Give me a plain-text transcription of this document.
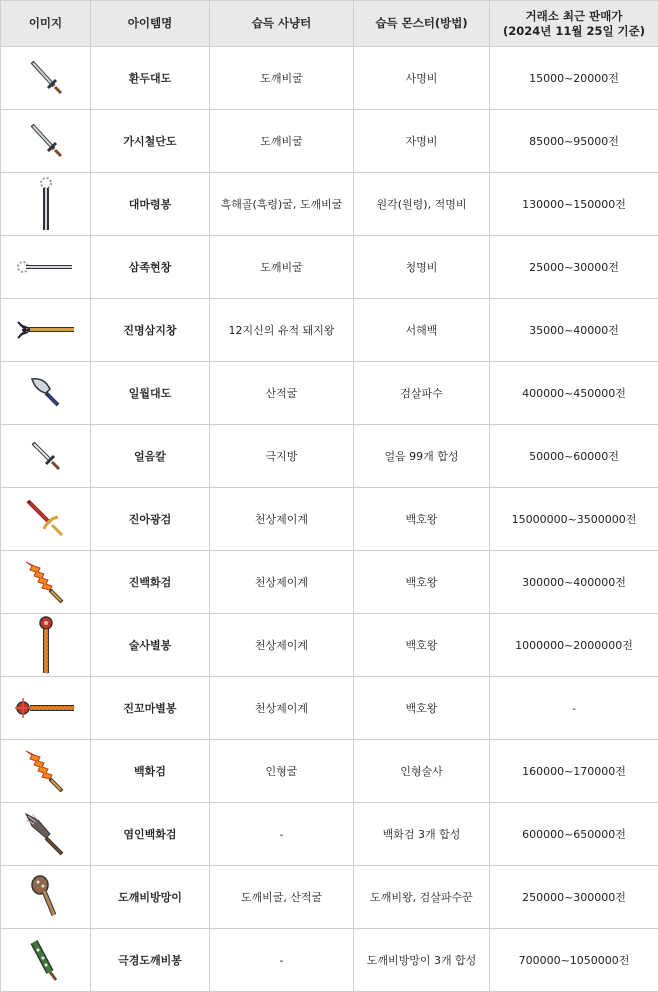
이미지	아이템명	습득 사냥터	습득 몬스터(방법)	거래소 최근 판매가
(2024년 11월 25일 기준)

	환두대도	도깨비굴	사명비	15000~20000전

	가시철단도	도깨비굴	자명비	85000~95000전

	대마령봉	흑해골(흑령)굴, 도깨비굴	원각(원령), 적명비	130000~150000전

	삼족현창	도깨비굴	청명비	25000~30000전

	진명삼지창	12지신의 유적 돼지왕	서해백	35000~40000전

	일월대도	산적굴	검살파수	400000~450000전

	얼음칼	극지방	얼음 99개 합성	50000~60000전

	진아광검	천상제이계	백호왕	15000000~3500000전

	진백화검	천상제이계	백호왕	300000~400000전

	술사별봉	천상제이계	백호왕	1000000~2000000전

	진꼬마별봉	천상제이계	백호왕	-

	백화검	인형굴	인형술사	160000~170000전

	염인백화검	-	백화검 3개 합성	600000~650000전

	도깨비방망이	도깨비굴, 산적굴	도깨비왕, 검살파수꾼	250000~300000전

	극경도깨비봉	-	도깨비방망이 3개 합성	700000~1050000전
